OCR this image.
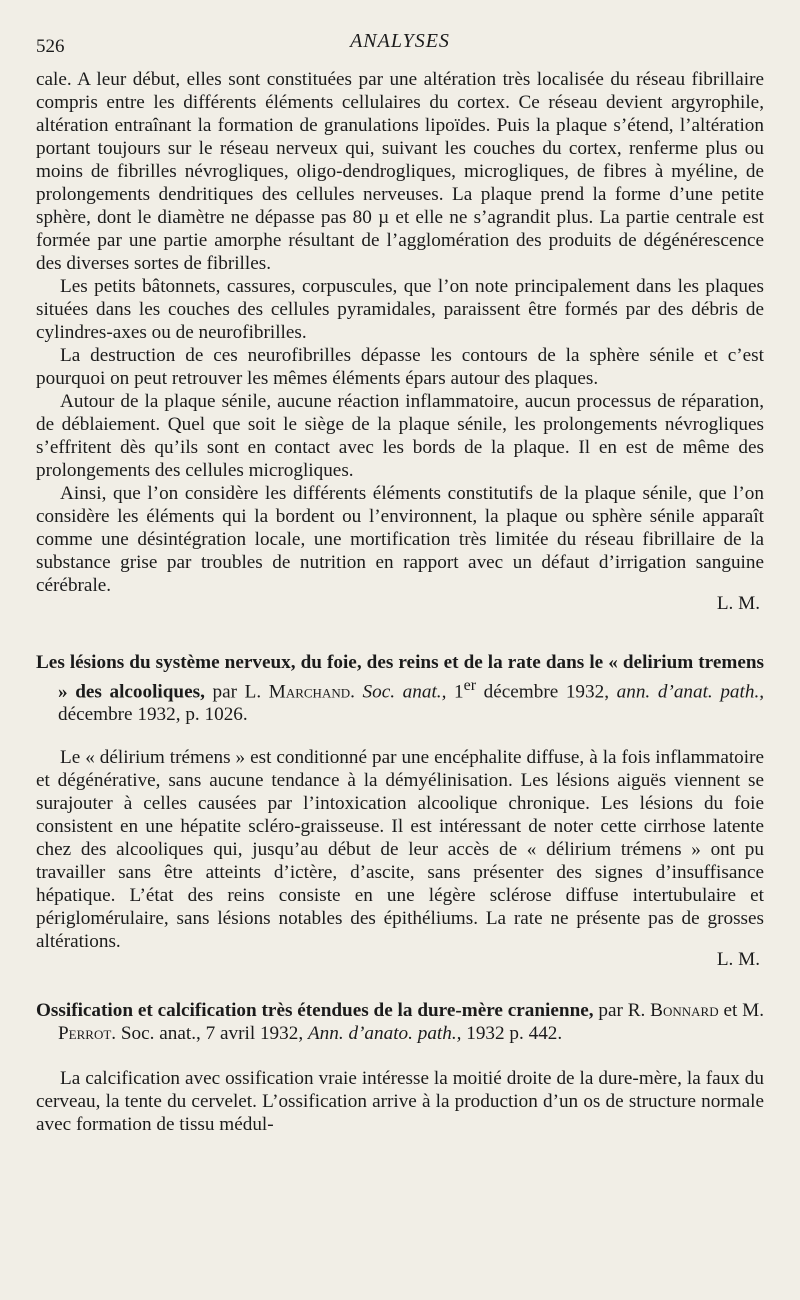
526	ANALYSES

cale. A leur début, elles sont constituées par une altération très localisée du réseau fibrillaire compris entre les différents éléments cellulaires du cortex. Ce réseau devient argyrophile, altération entraînant la formation de granulations lipoïdes. Puis la plaque s’étend, l’altération portant toujours sur le réseau nerveux qui, suivant les couches du cortex, renferme plus ou moins de fibrilles névrogliques, oligo-dendrogliques, microgliques, de fibres à myéline, de prolongements dendritiques des cellules nerveuses. La plaque prend la forme d’une petite sphère, dont le diamètre ne dépasse pas 80 µ et elle ne s’agrandit plus. La partie centrale est formée par une partie amorphe résultant de l’agglomération des produits de dégénérescence des diverses sortes de fibrilles.

Les petits bâtonnets, cassures, corpuscules, que l’on note principalement dans les plaques situées dans les couches des cellules pyramidales, paraissent être formés par des débris de cylindres-axes ou de neurofibrilles.

La destruction de ces neurofibrilles dépasse les contours de la sphère sénile et c’est pourquoi on peut retrouver les mêmes éléments épars autour des plaques.

Autour de la plaque sénile, aucune réaction inflammatoire, aucun processus de réparation, de déblaiement. Quel que soit le siège de la plaque sénile, les prolongements névrogliques s’effritent dès qu’ils sont en contact avec les bords de la plaque. Il en est de même des prolongements des cellules microgliques.

Ainsi, que l’on considère les différents éléments constitutifs de la plaque sénile, que l’on considère les éléments qui la bordent ou l’environnent, la plaque ou sphère sénile apparaît comme une désintégration locale, une mortification très limitée du réseau fibrillaire de la substance grise par troubles de nutrition en rapport avec un défaut d’irrigation sanguine cérébrale.

L. M.
Les lésions du système nerveux, du foie, des reins et de la rate dans le « delirium tremens » des alcooliques, par L. Marchand. Soc. anat., 1er décembre 1932, ann. d’anat. path., décembre 1932, p. 1026.

Le « délirium trémens » est conditionné par une encéphalite diffuse, à la fois inflammatoire et dégénérative, sans aucune tendance à la démyélinisation. Les lésions aiguës viennent se surajouter à celles causées par l’intoxication alcoolique chronique. Les lésions du foie consistent en une hépatite scléro-graisseuse. Il est intéressant de noter cette cirrhose latente chez des alcooliques qui, jusqu’au début de leur accès de « délirium trémens » ont pu travailler sans être atteints d’ictère, d’ascite, sans présenter des signes d’insuffisance hépatique. L’état des reins consiste en une légère sclérose diffuse intertubulaire et périglomérulaire, sans lésions notables des épithéliums. La rate ne présente pas de grosses altérations.

L. M.
Ossification et calcification très étendues de la dure-mère cranienne, par R. Bonnard et M. Perrot. Soc. anat., 7 avril 1932, Ann. d’anato. path., 1932 p. 442.

La calcification avec ossification vraie intéresse la moitié droite de la dure-mère, la faux du cerveau, la tente du cervelet. L’ossification arrive à la production d’un os de structure normale avec formation de tissu médul-
